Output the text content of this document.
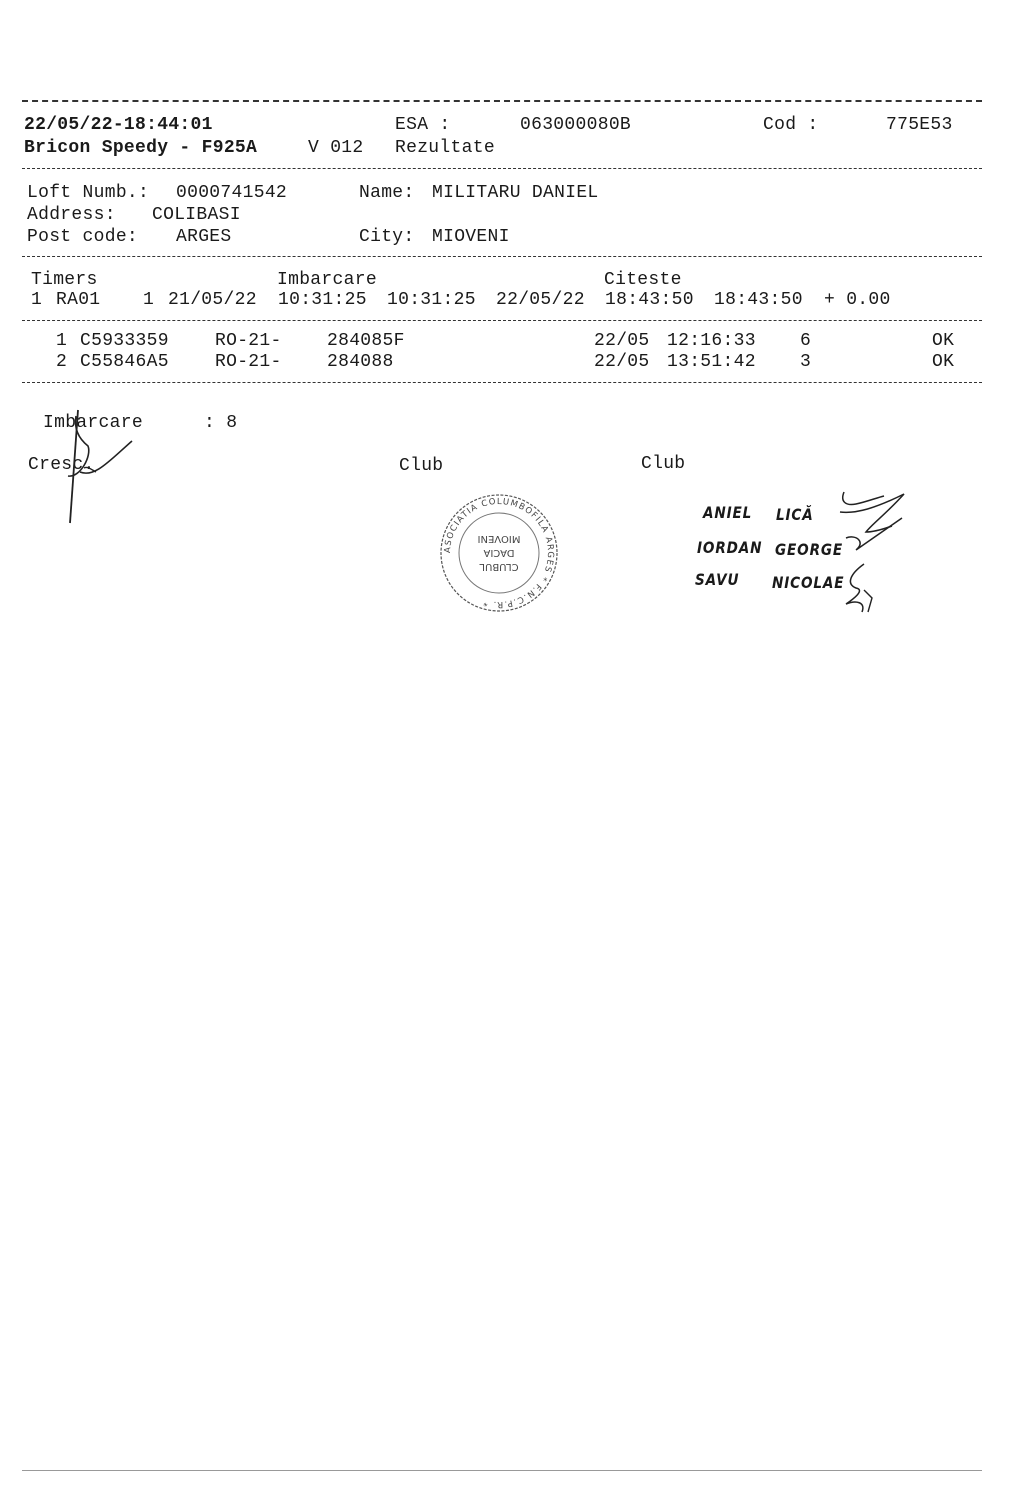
22/05/22-18:44:01	ESA :	063000080B	Cod :	775E53
Bricon Speedy - F925A	V 012 Rezultate
Loft Numb.: 0000741542	Name: MILITARU DANIEL
Address: COLIBASI
Post code: ARGES	City: MIOVENI
Timers	Imbarcare	Citeste
1 RA01 1 21/05/22 10:31:25 10:31:25 22/05/22 18:43:50 18:43:50 + 0.00
1 C5933359	RO-21-	284085F	22/05 12:16:33 6	OK
2 C55846A5	RO-21-	284088	22/05 13:51:42 3	OK
Imbarcare	: 8
Cresc.	Club	Club
ASOCIATIA COLUMBOFILA ARGES * F.N.C.P.R. *
CLUBUL
DACIA
MIOVENI
ANIEL LICĂ
IORDAN GEORGE
SAVU NICOLAE
